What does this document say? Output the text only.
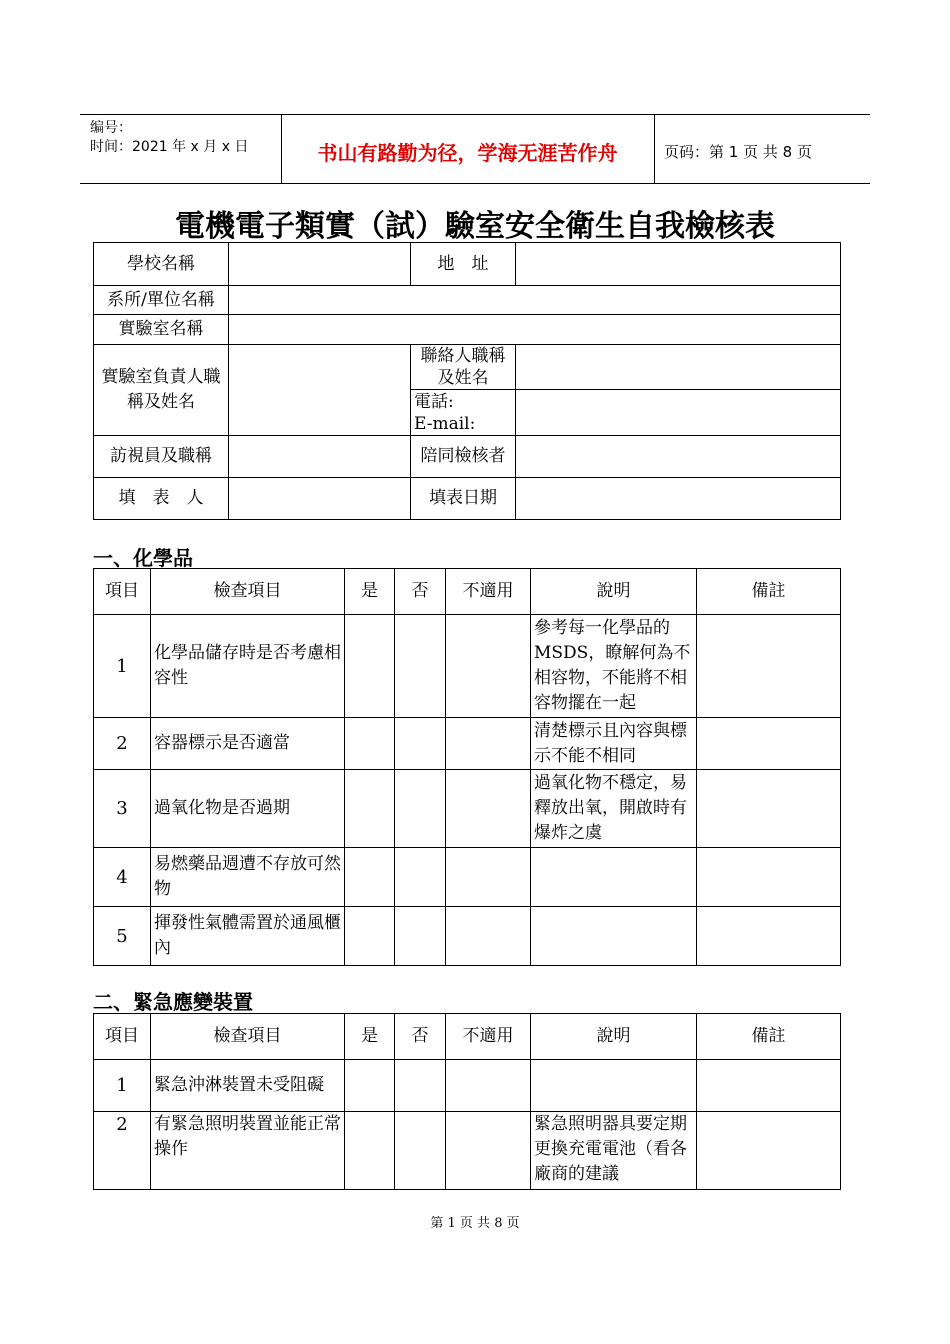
编号：
时间：2021 年 x 月 x 日	书山有路勤为径，学海无涯苦作舟	页码：第 1 页 共 8 页
電機電子類實（試）驗室安全衛生自我檢核表
學校名稱		地　址	
系所/單位名稱			
實驗室名稱			
實驗室負責人職稱及姓名		聯絡人職稱及姓名	

		電話:
E-mail:	

訪視員及職稱		陪同檢核者	
填　表　人		填表日期	
一、化學品
項目	檢查項目	是	否	不適用	說明	備註
1	化學品儲存時是否考慮相容性				參考每一化學品的MSDS，瞭解何為不相容物，不能將不相容物擺在一起	
2	容器標示是否適當				清楚標示且內容與標示不能不相同	
3	過氧化物是否過期				過氧化物不穩定，易釋放出氧，開啟時有爆炸之虞	
4	易燃藥品週遭不存放可然物					
5	揮發性氣體需置於通風櫃內					
二、緊急應變裝置
項目	檢查項目	是	否	不適用	說明	備註
1	緊急沖淋裝置未受阻礙					
2	有緊急照明裝置並能正常操作				緊急照明器具要定期更換充電電池（看各廠商的建議	
第 1 页 共 8 页
